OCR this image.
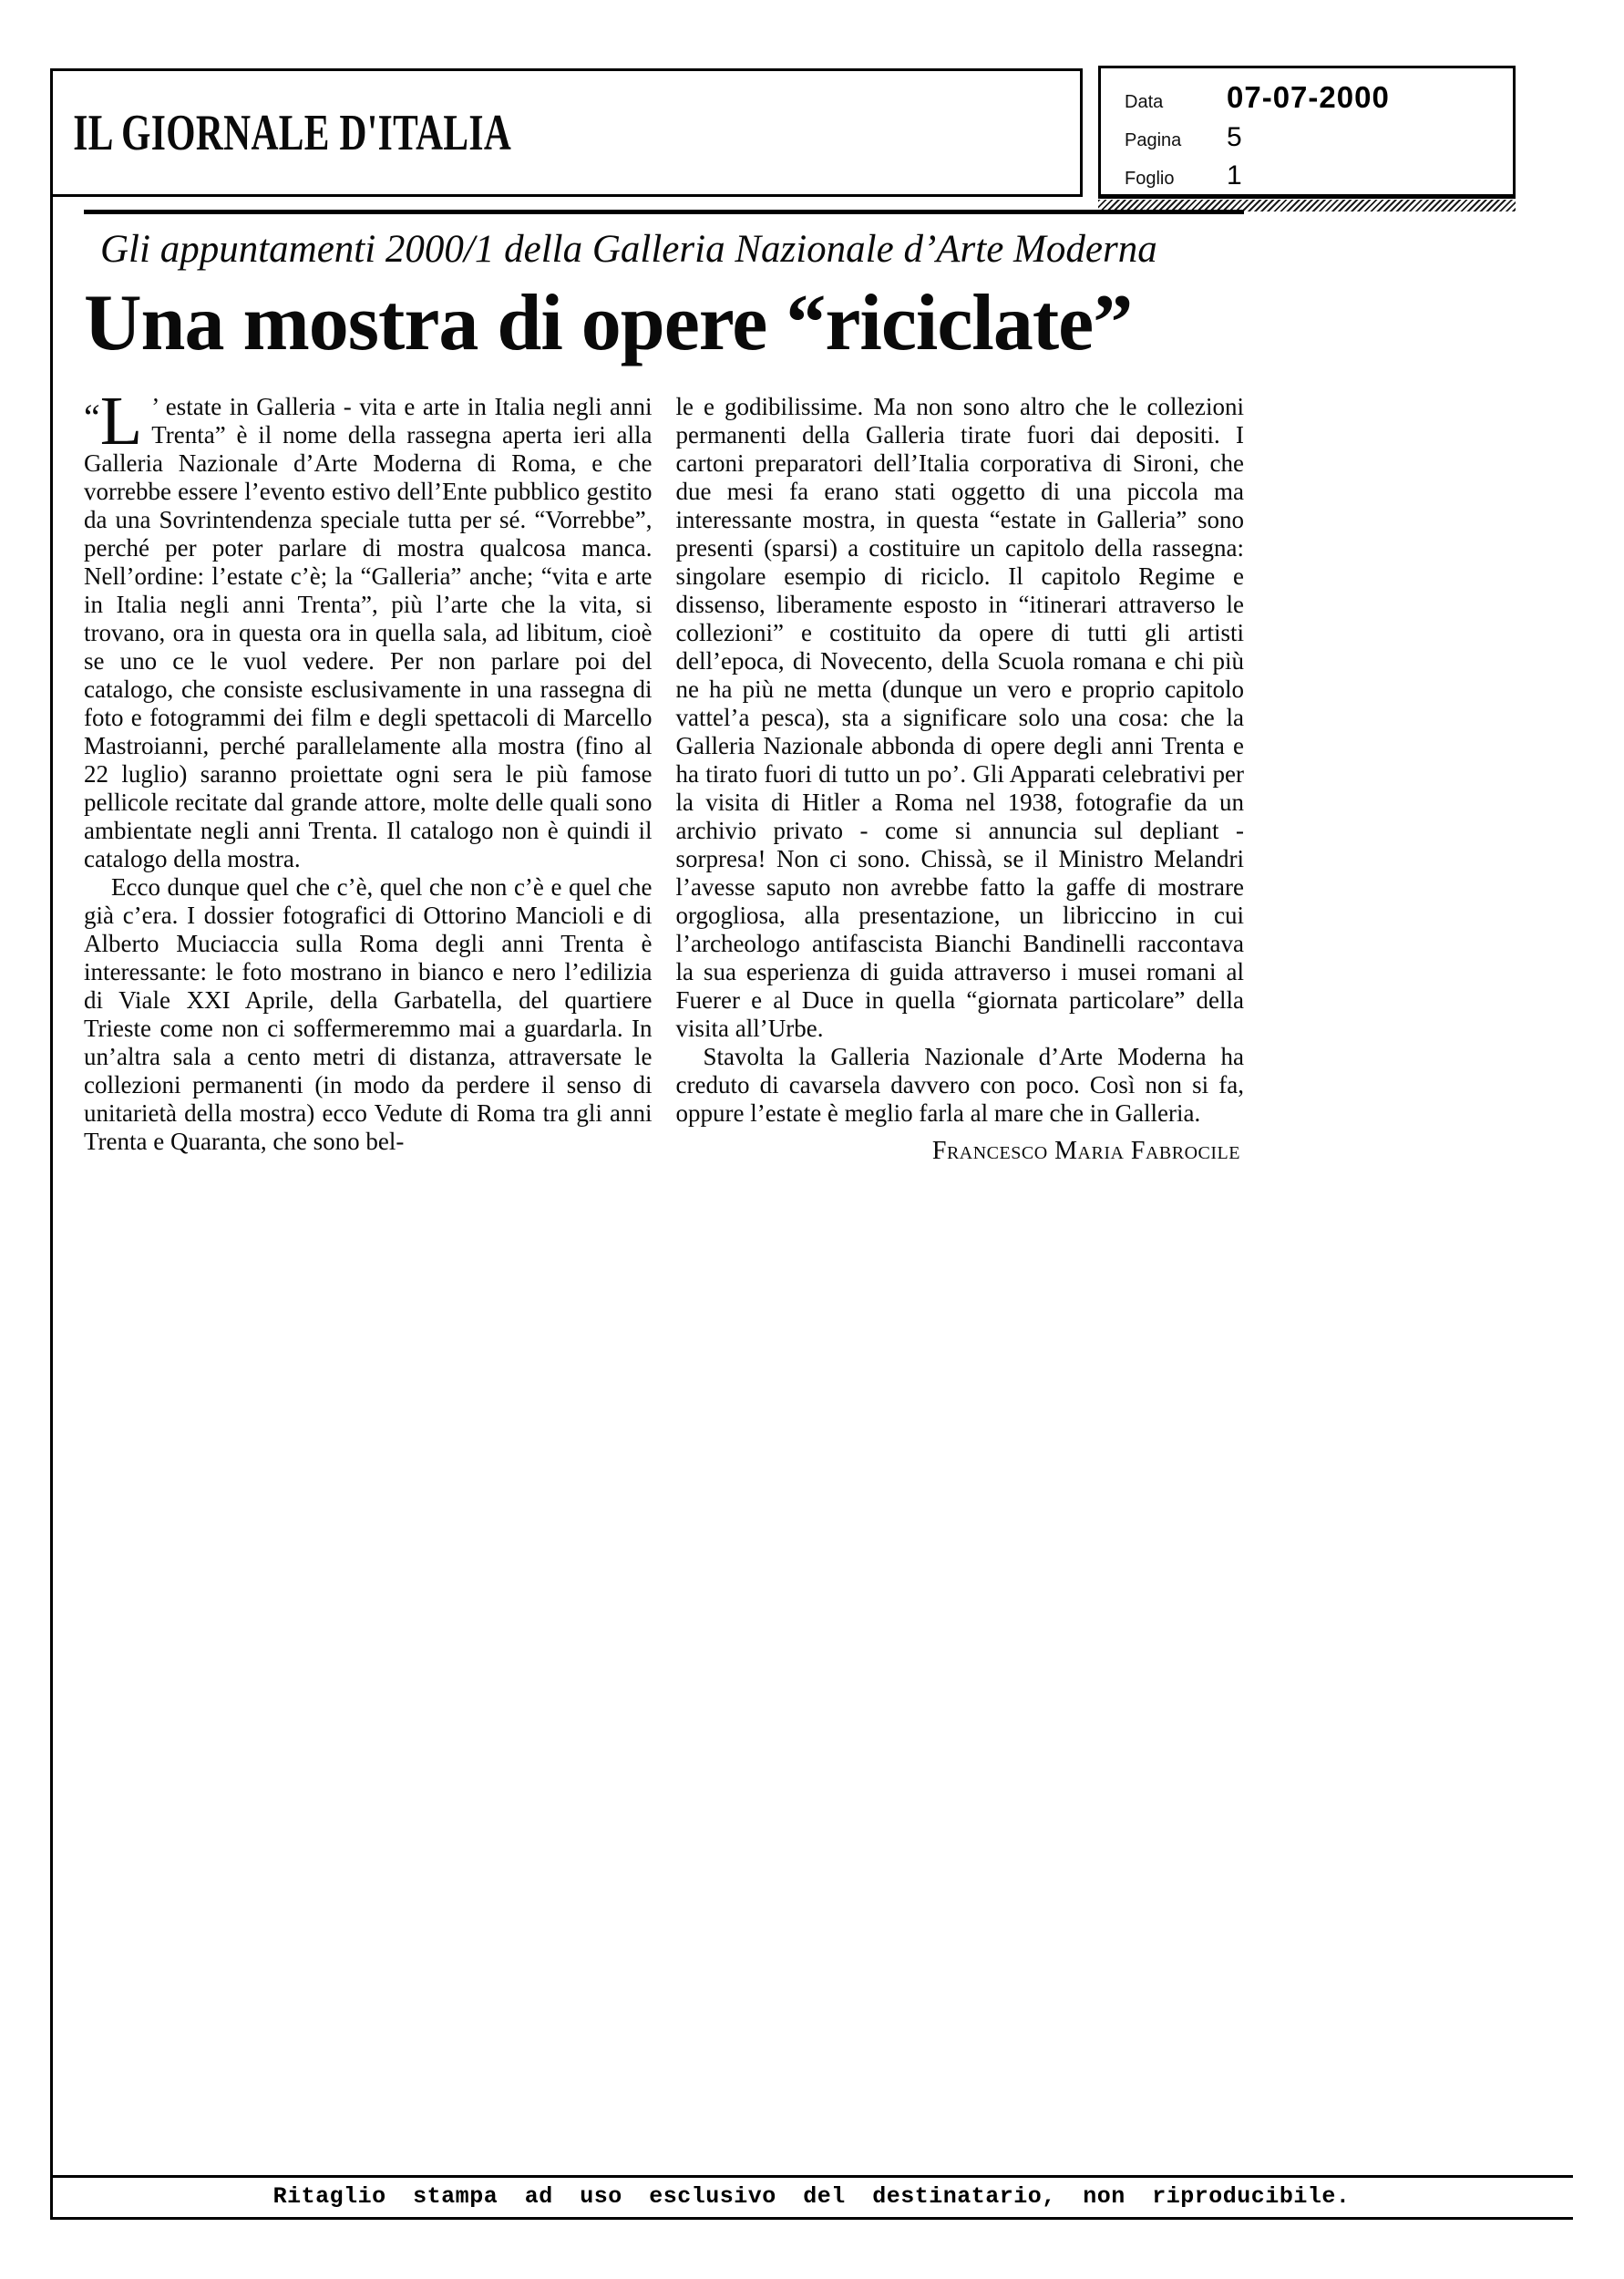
IL GIORNALE D'ITALIA
Data	07-07-2000
Pagina	5
Foglio	1
Gli appuntamenti 2000/1 della Galleria Nazionale d’Arte Moderna
Una mostra di opere “riciclate”

“L ’ estate in Galleria - vita e arte in Italia negli anni Trenta” è il nome della rassegna aperta ieri alla Galleria Nazionale d’Arte Moderna di Roma, e che vorrebbe essere l’evento estivo dell’Ente pubblico gestito da una Sovrintendenza speciale tutta per sé. “Vorrebbe”, perché per poter parlare di mostra qualcosa manca. Nell’ordine: l’estate c’è; la “Galleria” anche; “vita e arte in Italia negli anni Trenta”, più l’arte che la vita, si trovano, ora in questa ora in quella sala, ad libitum, cioè se uno ce le vuol vedere. Per non parlare poi del catalogo, che consiste esclusivamente in una rassegna di foto e fotogrammi dei film e degli spettacoli di Marcello Mastroianni, perché parallelamente alla mostra (fino al 22 luglio) saranno proiettate ogni sera le più famose pellicole recitate dal grande attore, molte delle quali sono ambientate negli anni Trenta. Il catalogo non è quindi il catalogo della mostra.

Ecco dunque quel che c’è, quel che non c’è e quel che già c’era. I dossier fotografici di Ottorino Mancioli e di Alberto Muciaccia sulla Roma degli anni Trenta è interessante: le foto mostrano in bianco e nero l’edilizia di Viale XXI Aprile, della Garbatella, del quartiere Trieste come non ci soffermeremmo mai a guardarla. In un’altra sala a cento metri di distanza, attraversate le collezioni permanenti (in modo da perdere il senso di unitarietà della mostra) ecco Vedute di Roma tra gli anni Trenta e Quaranta, che sono bel-

le e godibilissime. Ma non sono altro che le collezioni permanenti della Galleria tirate fuori dai depositi. I cartoni preparatori dell’Italia corporativa di Sironi, che due mesi fa erano stati oggetto di una piccola ma interessante mostra, in questa “estate in Galleria” sono presenti (sparsi) a costituire un capitolo della rassegna: singolare esempio di riciclo. Il capitolo Regime e dissenso, liberamente esposto in “itinerari attraverso le collezioni” e costituito da opere di tutti gli artisti dell’epoca, di Novecento, della Scuola romana e chi più ne ha più ne metta (dunque un vero e proprio capitolo vattel’a pesca), sta a significare solo una cosa: che la Galleria Nazionale abbonda di opere degli anni Trenta e ha tirato fuori di tutto un po’. Gli Apparati celebrativi per la visita di Hitler a Roma nel 1938, fotografie da un archivio privato - come si annuncia sul depliant - sorpresa! Non ci sono. Chissà, se il Ministro Melandri l’avesse saputo non avrebbe fatto la gaffe di mostrare orgogliosa, alla presentazione, un libriccino in cui l’archeologo antifascista Bianchi Bandinelli raccontava la sua esperienza di guida attraverso i musei romani al Fuerer e al Duce in quella “giornata particolare” della visita all’Urbe.

Stavolta la Galleria Nazionale d’Arte Moderna ha creduto di cavarsela davvero con poco. Così non si fa, oppure l’estate è meglio farla al mare che in Galleria.

Francesco Maria Fabrocile
Ritaglio stampa ad uso esclusivo del destinatario, non riproducibile.
